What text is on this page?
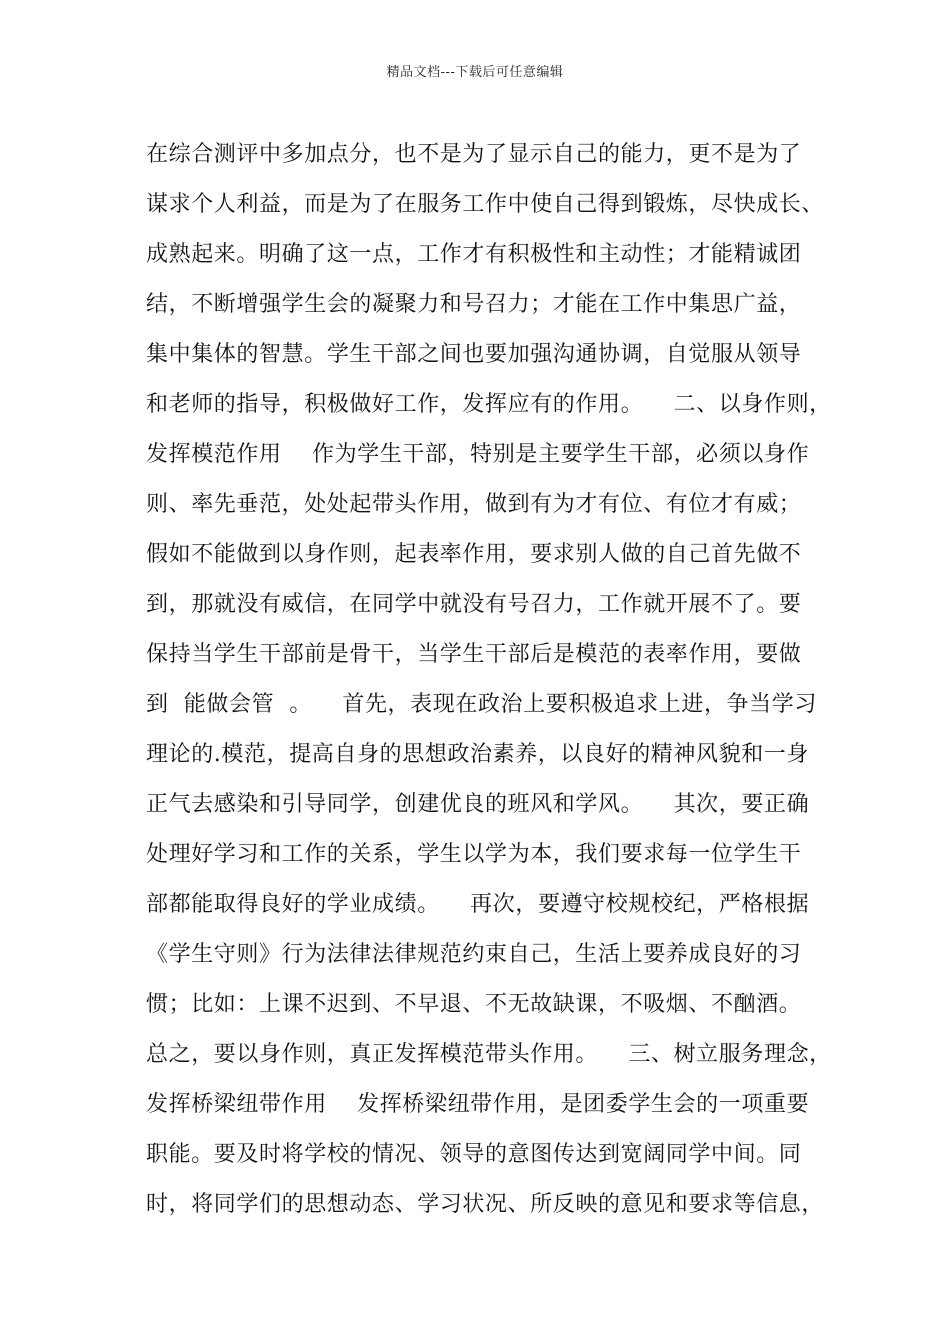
精品文档---下载后可任意编辑
在综合测评中多加点分，也不是为了显示自己的能力，更不是为了
谋求个人利益，而是为了在服务工作中使自己得到锻炼，尽快成长、
成熟起来。明确了这一点，工作才有积极性和主动性；才能精诚团
结，不断增强学生会的凝聚力和号召力；才能在工作中集思广益，
集中集体的智慧。学生干部之间也要加强沟通协调，自觉服从领导
和老师的指导，积极做好工作，发挥应有的作用。    二、以身作则，
发挥模范作用    作为学生干部，特别是主要学生干部，必须以身作
则、率先垂范，处处起带头作用，做到有为才有位、有位才有威；
假如不能做到以身作则，起表率作用，要求别人做的自己首先做不
到，那就没有威信，在同学中就没有号召力，工作就开展不了。要
保持当学生干部前是骨干，当学生干部后是模范的表率作用，要做
到  能做会管  。    首先，表现在政治上要积极追求上进，争当学习
理论的.模范，提高自身的思想政治素养，以良好的精神风貌和一身
正气去感染和引导同学，创建优良的班风和学风。    其次，要正确
处理好学习和工作的关系，学生以学为本，我们要求每一位学生干
部都能取得良好的学业成绩。    再次，要遵守校规校纪，严格根据
《学生守则》行为法律法律规范约束自己，生活上要养成良好的习
惯；比如：上课不迟到、不早退、不无故缺课，不吸烟、不酗酒。
总之，要以身作则，真正发挥模范带头作用。    三、树立服务理念，
发挥桥梁纽带作用    发挥桥梁纽带作用，是团委学生会的一项重要
职能。要及时将学校的情况、领导的意图传达到宽阔同学中间。同
时，将同学们的思想动态、学习状况、所反映的意见和要求等信息，
